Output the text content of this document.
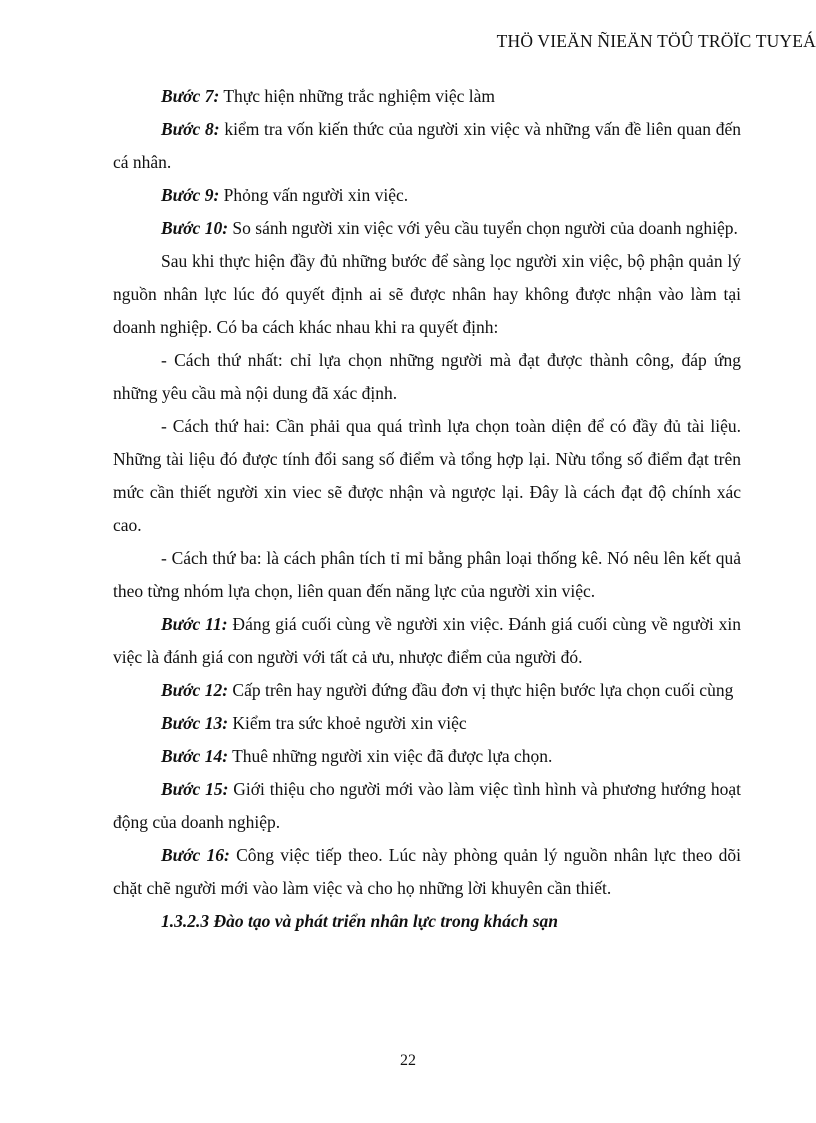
THÖ VIEÄN ÑIEÄN TÖÛ TRÖÏC TUYEÁ

Bước 7: Thực hiện những trắc nghiệm việc làm

Bước 8: kiểm tra vốn kiến thức của người xin việc và những vấn đề liên quan đến cá nhân.

Bước 9: Phỏng vấn người xin việc.

Bước 10: So sánh người xin việc với yêu cầu tuyển chọn người của doanh nghiệp.

Sau khi thực hiện đầy đủ những bước để sàng lọc người xin việc, bộ phận quản lý nguồn nhân lực lúc đó quyết định ai sẽ được nhân hay không được nhận vào làm tại doanh nghiệp. Có ba cách khác nhau khi ra quyết định:

- Cách thứ nhất: chỉ lựa chọn những người mà đạt được thành công, đáp ứng những yêu cầu mà nội dung đã xác định.

- Cách thứ hai: Cần phải qua quá trình lựa chọn toàn diện để có đầy đủ tài liệu. Những tài liệu đó được tính đổi sang số điểm và tổng hợp lại. Nừu tổng số điểm đạt trên mức cần thiết người xin viec sẽ được nhận và ngược lại. Đây là cách đạt độ chính xác cao.

- Cách thứ ba: là cách phân tích tỉ mỉ bằng phân loại thống kê. Nó nêu lên kết quả theo từng nhóm lựa chọn, liên quan đến năng lực của người xin việc.

Bước 11: Đáng giá cuối cùng về người xin việc. Đánh giá cuối cùng về người xin việc là đánh giá con người với tất cả ưu, nhược điểm của người đó.

Bước 12: Cấp trên hay người đứng đầu đơn vị thực hiện bước lựa chọn cuối cùng

Bước 13: Kiểm tra sức khoẻ người xin việc

Bước 14: Thuê những người xin việc đã được lựa chọn.

Bước 15: Giới thiệu cho người mới vào làm việc tình hình và phương hướng hoạt động của doanh nghiệp.

Bước 16: Công việc tiếp theo. Lúc này phòng quản lý nguồn nhân lực theo dõi chặt chẽ người mới vào làm việc và cho họ những lời khuyên cần thiết.

1.3.2.3 Đào tạo và phát triển nhân lực trong khách sạn

22
